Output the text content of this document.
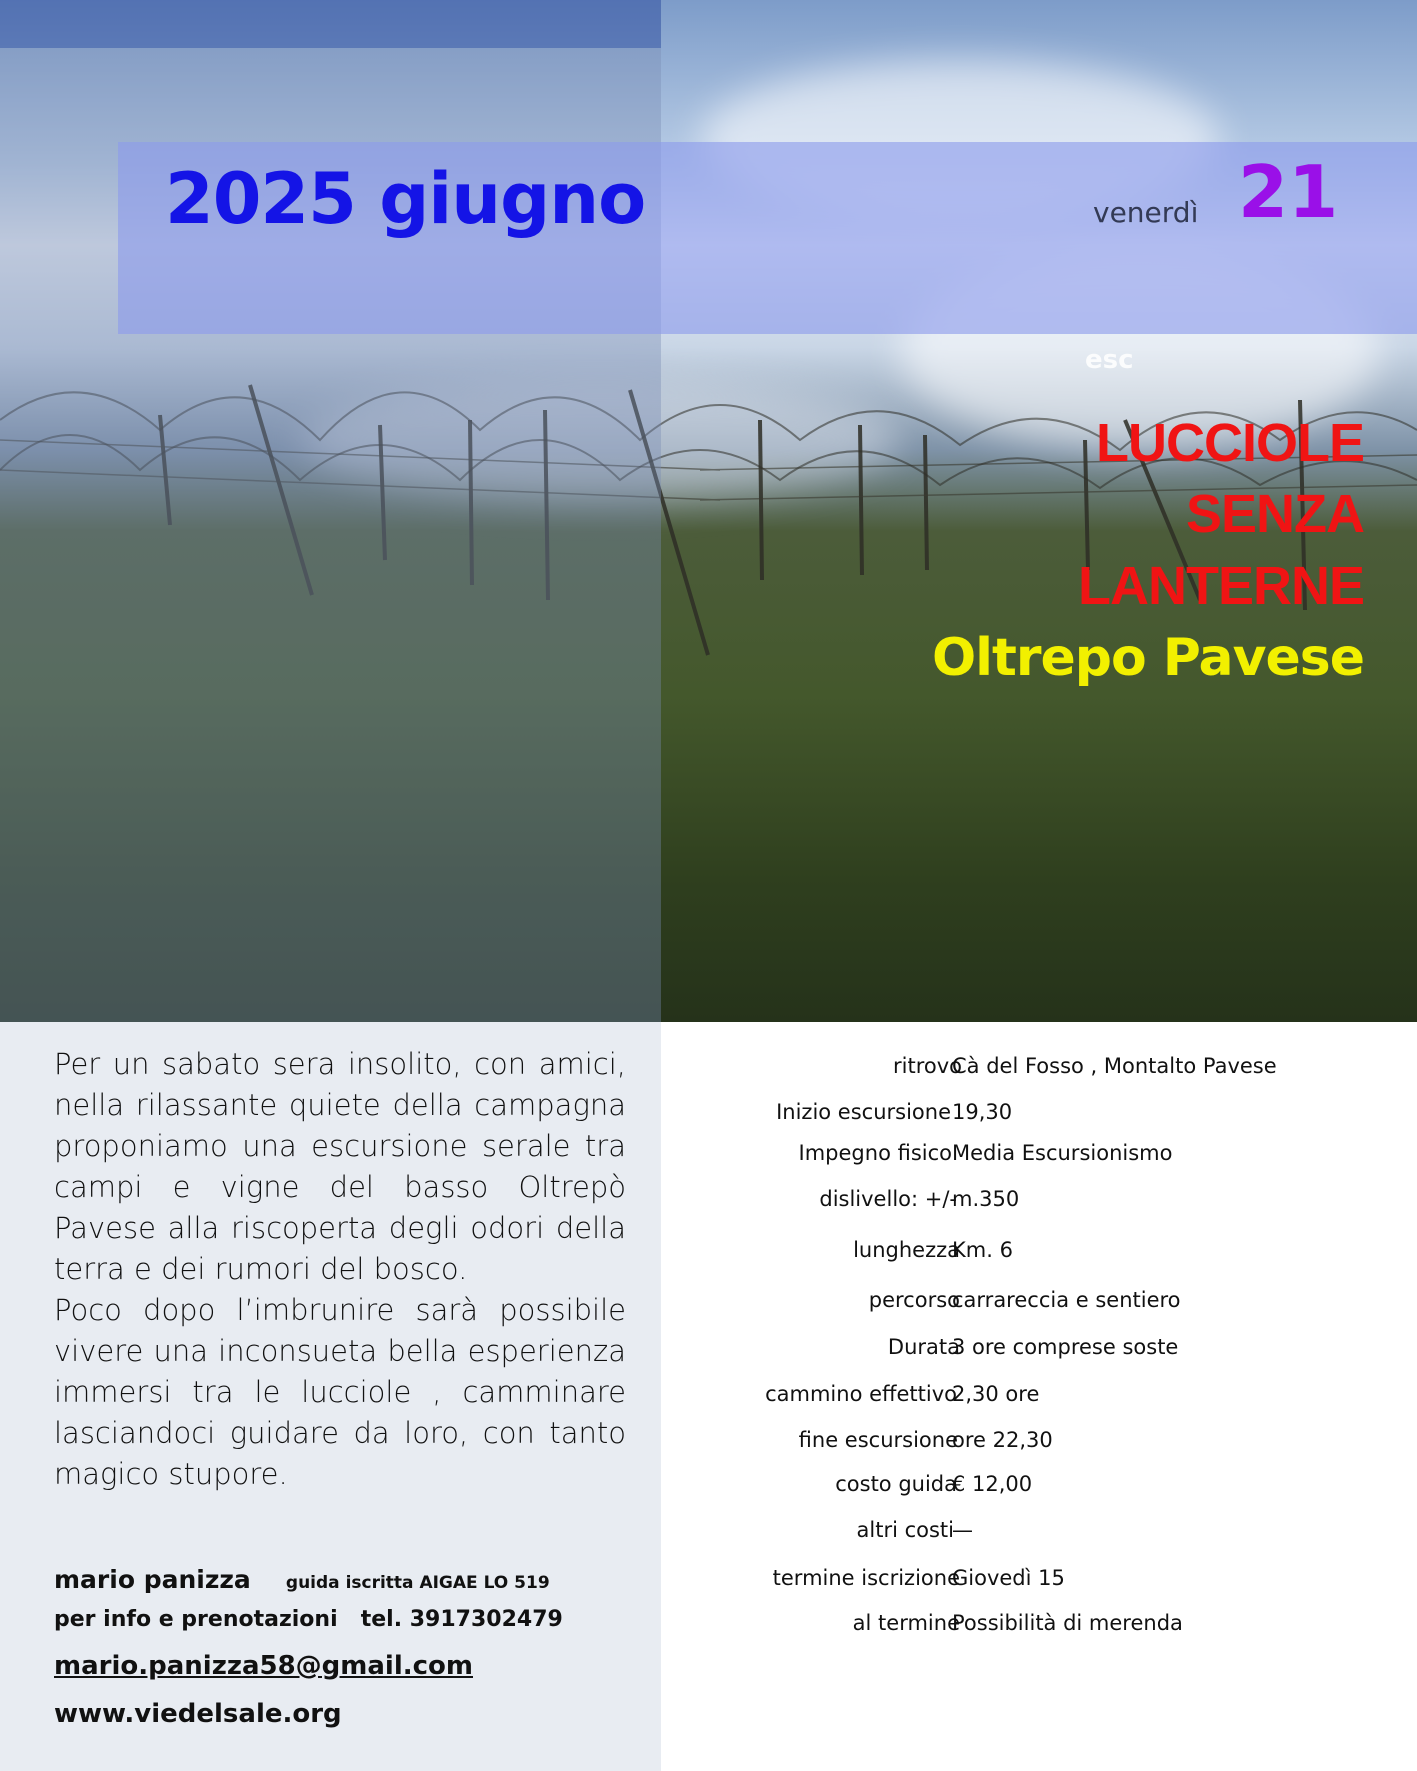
2025 giugno	venerdì 21
esc
LUCCIOLE
SENZA
LANTERNE
Oltrepo Pavese

Per un sabato sera insolito, con amici, nella rilassante quiete della campagna proponiamo una escursione serale tra campi e vigne del basso Oltrepò Pavese alla riscoperta degli odori della terra e dei rumori del bosco.

Poco dopo l’imbrunire sarà possibile vivere una inconsueta bella esperienza immersi tra le lucciole , camminare lasciandoci guidare da loro, con tanto magico stupore.

mario panizza guida iscritta AIGAE LO 519
per info e prenotazioni tel. 3917302479
mario.panizza58@gmail.com
www.viedelsale.org
ritrovo
Cà del Fosso , Montalto Pavese
Inizio escursione 19,30
Impegno fisico Media Escursionismo
dislivello: +/-
m.350
lunghezza
Km. 6
percorso
carrareccia e sentiero
Durata
3 ore comprese soste
cammino effettivo
2,30 ore
fine escursione
ore 22,30
costo guida
€ 12,00
altri costi
—
termine iscrizione
Giovedì 15
al termine
Possibilità di merenda
